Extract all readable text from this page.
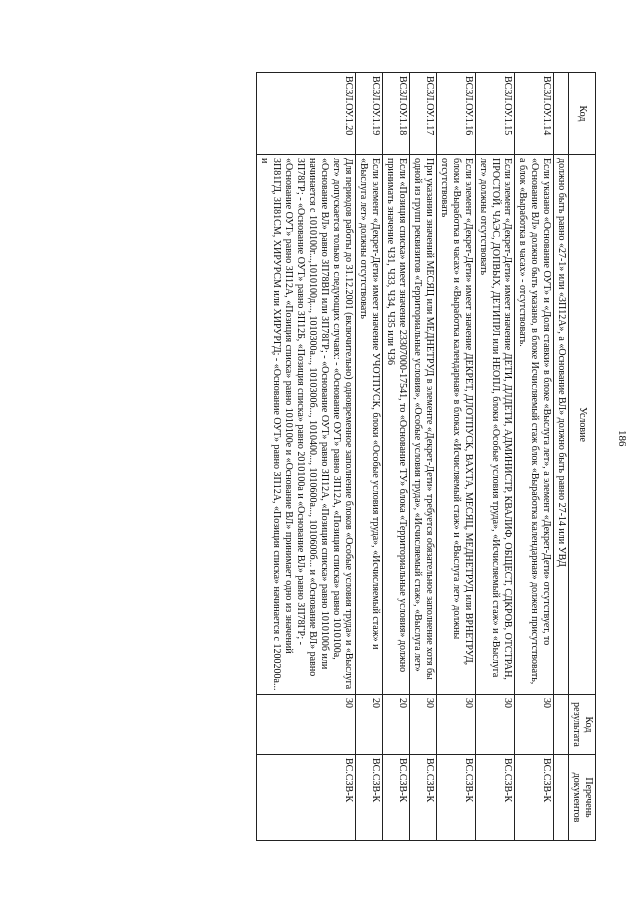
186
Код	Условие	Код результата	Перечень документов
	должно быть равно «27-1» или «ЗП12А», а «Основание ВЛ» должно быть равно 27-14 или УВД		
ВСЗЛ.ОУ.1.14	Если указано «Основание ОУТ» и «Доля ставки» в блоке «Выслуга лет», а элемент «Декрет-Дети» отсутствует, то «Основание ВЛ» должно быть указано, в блоке Исчисляемый стаж блок «Выработка календарная» должен присутствовать, а блок «Выработка в часах» - отсутствовать.	30	ВС.СЗВ-К
ВСЗЛ.ОУ.1.15	Если элемент «Декрет-Дети» имеет значение ДЕТИ, ДЛДЕТИ, АДМИНИСТР, КВАЛИФ, ОБЩЕСТ, СДКРОВ, ОТСТРАН, ПРОСТОЙ, ЧАЭС, ДОПВЫХ, ДЕТИПРЛ или НЕОПЛ, блоки «Особые условия труда», «Исчисляемый стаж» и «Выслуга лет» должны отсутствовать	30	ВС.СЗВ-К
ВСЗЛ.ОУ.1.16	Если элемент «Декрет-Дети» имеет значение ДЕКРЕТ, ДЛОТПУСК, ВАХТА, МЕСЯЦ, МЕДНЕТРУД или ВРНЕТРУД, блоки «Выработка в часах» и «Выработка календарная» в блоках «Исчисляемый стаж» и «Выслуга лет» должны отсутствовать	30	ВС.СЗВ-К
ВСЗЛ.ОУ.1.17	При указании значений МЕСЯЦ или МЕДНЕТРУД в элементе «Декрет-Дети» требуется обязательное заполнение хотя бы одной из групп реквизитов «Территориальные условия», «Особые условия труда», «Исчисляемый стаж», «Выслуга лет»	30	ВС.СЗВ-К
ВСЗЛ.ОУ.1.18	Если «Позиция списка» имеет значение 23307000-17541, то «Основание ТУ» блока «Территориальные условия» должно принимать значение ЧЗ1, ЧЗ3, ЧЗ4, ЧЗ5 или ЧЗ6	20	ВС.СЗВ-К
ВСЗЛ.ОУ.1.19	Если элемент «Декрет-Дети» имеет значение УЧОТПУСК, блоки «Особые условия труда», «Исчисляемый стаж» и «Выслуга лет» должны отсутствовать	20	ВС.СЗВ-К
ВСЗЛ.ОУ.1.20	Для периодов работы до 31.12.2001 (включительно) одновременное заполнение блоков «Особые условия труда» и «Выслуга лет» допускается только в следующих случаях: - «Основание ОУТ» равно ЗП12А, «Позиция списка» равно 1010100а, «Основание ВЛ» равно ЗП78ВП или ЗП78ГР; - «Основание ОУТ» равно ЗП12А, «Позиция списка» равно 1010100б или начинается с 1010100г...,1010100д..., 1010300а..., 1010300б..., 1010400..., 1010600а..., 1010600б... и «Основание ВЛ» равно ЗП78ГР; - «Основание ОУТ» равно ЗП12Б, «Позиция списка» равно 2010100а и «Основание ВЛ» равно ЗП78ГР; - «Основание ОУТ» равно ЗП12А, «Позиция списка» равно 1010100е и «Основание ВЛ» принимает одно из значений ЗП81ГД, ЗП81СМ, ХИРУРСМ или ХИРУРГД; - «Основание ОУТ» равно ЗП12А, «Позиция списка» начинается с 1200200а... и	30	ВС.СЗВ-К
